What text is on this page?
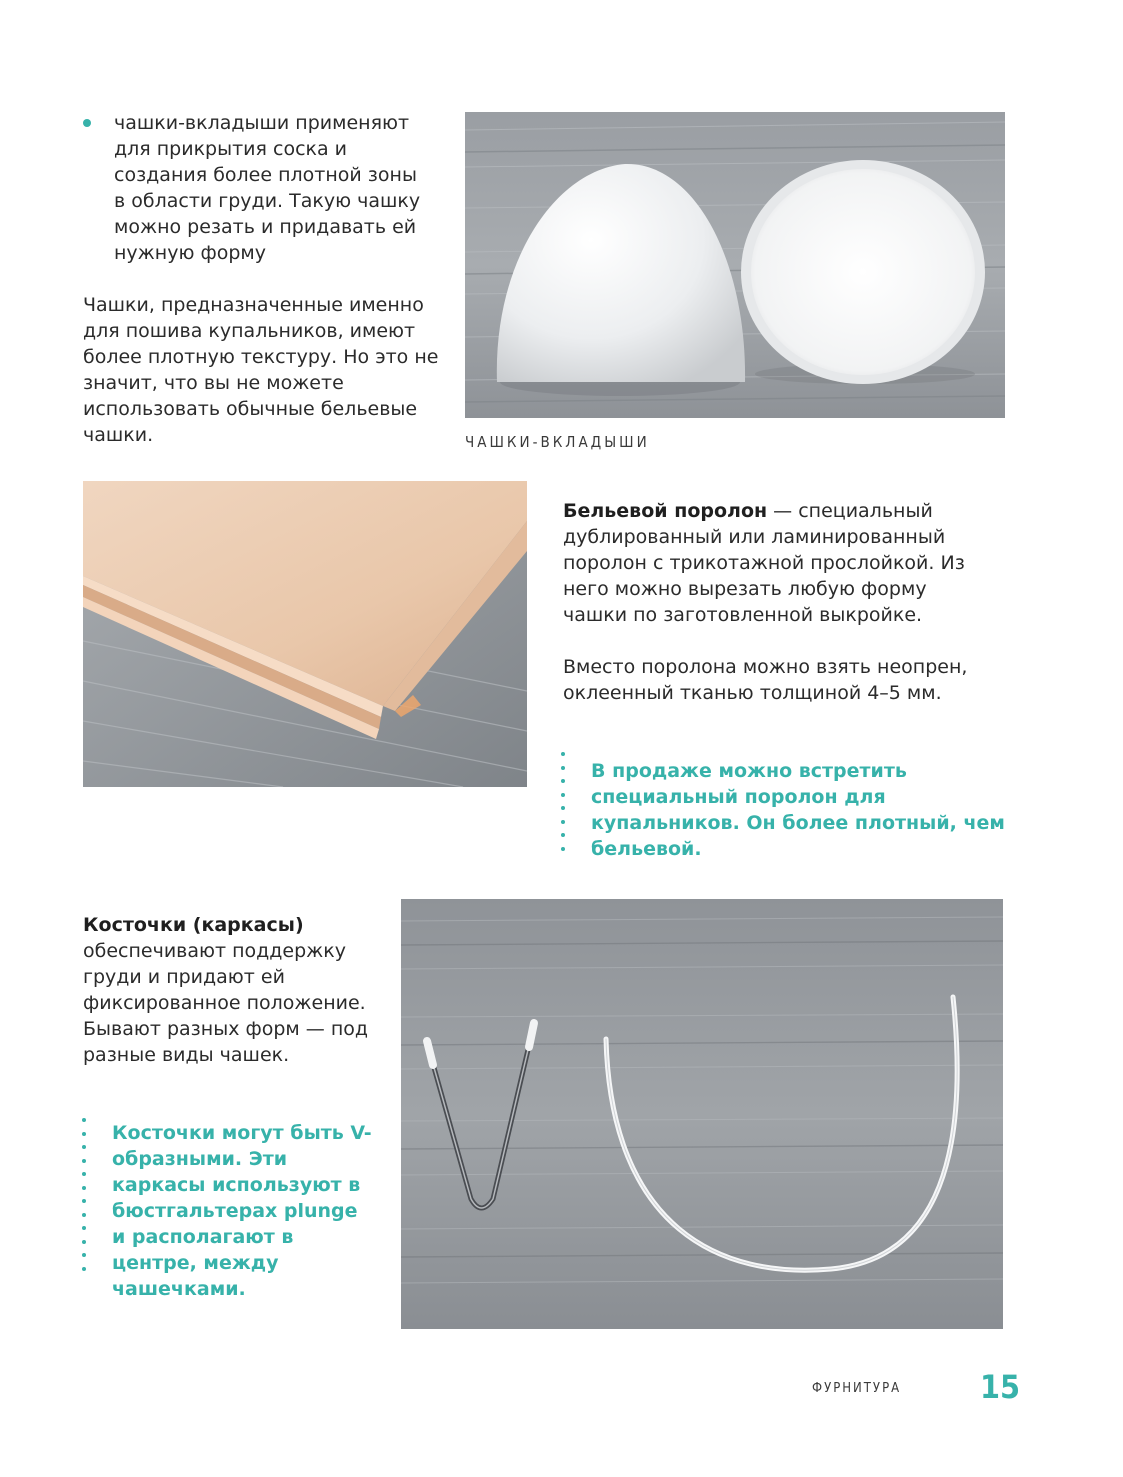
чашки-вкладыши применяют для прикрытия соска и создания более плотной зоны в области груди. Такую чашку можно резать и придавать ей нужную форму

Чашки, предназначенные именно для пошива купальников, имеют более плотную текстуру. Но это не значит, что вы не можете использовать обычные бельевые чашки.	ЧАШКИ-ВКЛАДЫШИ

Бельевой поролон — специальный дублированный или ламинированный поролон с трикотажной прослойкой. Из него можно вырезать любую форму чашки по заготовленной выкройке.

Вместо поролона можно взять неопрен, оклеенный тканью толщиной 4–5 мм.

В продаже можно встретить специальный поролон для купальников. Он более плотный, чем бельевой.

Косточки (каркасы)
обеспечивают поддержку груди и придают ей фиксированное положение. Бывают разных форм — под разные виды чашек.

Косточки могут быть V-образными. Эти каркасы используют в бюстгальтерах plunge и располагают в центре, между чашечками.

ФУРНИТУРА 15
